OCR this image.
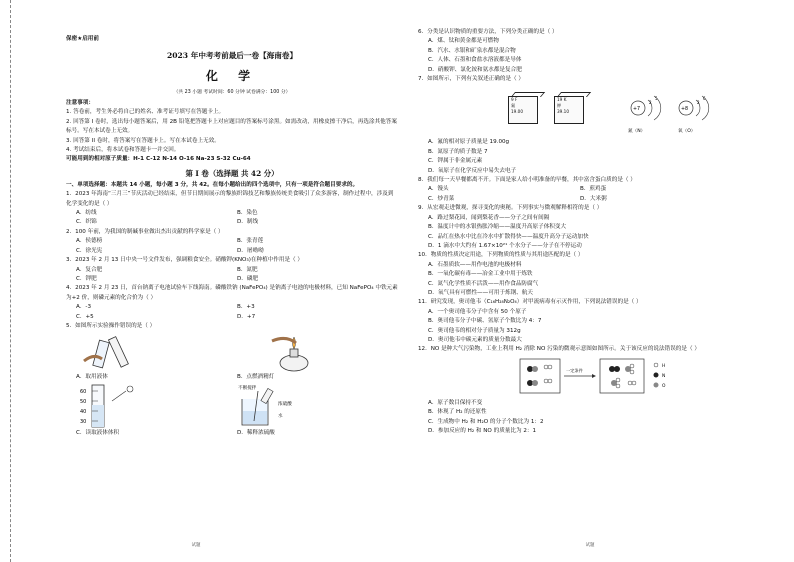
保密★启用前
2023 年中考考前最后一卷【海南卷】
化 学
（共 23 小题 考试时间：60 分钟 试卷满分：100 分）
注意事项：
1. 答卷前，考生务必将自己的姓名、准考证号填写在答题卡上。
2. 回答第 I 卷时，选出每小题答案后，用 2B 铅笔把答题卡上对应题目的答案标号涂黑。如需改动，用橡皮擦干净后，再选涂其他答案标号。写在本试卷上无效。
3. 回答第 II 卷时，将答案写在答题卡上。写在本试卷上无效。
4. 考试结束后，将本试卷和答题卡一并交回。
可能用到的相对原子质量：H-1 C-12 N-14 O-16 Na-23 S-32 Cu-64
第 I 卷（选择题 共 42 分）
一、单项选择题：本题共 14 小题，每小题 3 分，共 42。在每小题给出的四个选项中，只有一项是符合题目要求的。
1．2023 年海南“三月三”节庆活动已经结束，但节日期间展示的黎族织锦技艺和黎族传统美食吸引了众多游客，制作过程中，涉及到化学变化的是（ ）
A．纺线	B．染色
C．织锦	D．制线
2．100 年前，为我国的制碱事业做出杰出贡献的科学家是（ ）
A．侯德榜	B．张青莲
C．徐光宪	D．屠呦呦
3．2023 年 2 月 13 日中央一号文件发布，强调粮食安全。硝酸钾(KNO₃)在种植中作用是（ ）
A．复合肥	B．氮肥
C．钾肥	D．磷肥
4．2023 年 2 月 23 日，首台钠离子电池试验车下线海南。磷酸铁钠 (NaFePO₄) 是钠离子电池的电极材料，已知 NaFePO₄ 中铁元素为+2 价，则磷元素的化合价为（ ）
A．-3	B．+3
C．+5	D．+7
5．如图所示实验操作错误的是（ ）
A．取用液体	B．点燃酒精灯
60
50
40
30
不断搅拌
浓硫酸
水
C．读取液体体积	D．稀释浓硫酸
6．分类是认识物质的重要方法，下列分类正确的是（ ）
A．煤、钛和黄金都是可燃物
B．汽水、水银和矿泉水都是混合物
C．人体、石墨和食盐水溶液都是导体
D．硝酸钾、氯化铵和氨水都是复合肥
7．如图所示，下列有关叙述正确的是（ ）
9 F
氟
19.00
19 K
钾
39.10	+7
2
5
+8
2
6
氮（N）	氧（O）
A．氟的相对原子质量是 19.00g
B．氮原子的质子数是 7
C．钾属于非金属元素
D．氧原子在化学反应中易失去电子
8．我们每一天早餐都离不开。下面是家人给小明准备的早餐，其中富含蛋白质的是（ ）
A．馒头	B．煎鸡蛋
C．炒青菜	D．大米粥
9．从宏观走进微观，探寻变化的奥秘。下列事实与微观解释相符的是（ ）
A．路过梨花园，闻到梨花香——分子之间有间隔
B．温度计中的水银热胀冷缩——温度升高原子体积变大
C．品红在热水中比在冷水中扩散得快——温度升高分子运动加快
D．1 滴水中大约有 1.67×10²¹ 个水分子——分子在不停运动
10．物质的性质决定用途，下列物质的性质与其用途匹配的是（ ）
A．石墨质软——用作电池的电极材料
B．一氧化碳有毒——冶金工业中用于炼铁
C．氮气化学性质不活泼——用作食品防腐气
D．氧气具有可燃性——可用于炼钢、航天
11．研究发现，奥司他韦（C₁₆H₂₈N₂O₄）对甲流病毒有示灭作用，下列说法错误的是（ ）
A．一个奥司他韦分子中含有 50 个原子
B．奥司他韦分子中碳、氢原子个数比为 4：7
C．奥司他韦的相对分子质量为 312g
D．奥司他韦中碳元素的质量分数最大
12．NO 是种大气污染物，工业上利用 H₂ 消除 NO 污染的微观示意图如图所示。关于该反应的说法错误的是（ ）
一定条件
H
N
O
A．原子数目保持不变
B．体现了 H₂ 的还原性
C．生成物中 H₂ 和 H₂O 的分子个数比为 1：2
D．参加反应的 H₂ 和 NO 的质量比为 2：1
试题	试题
